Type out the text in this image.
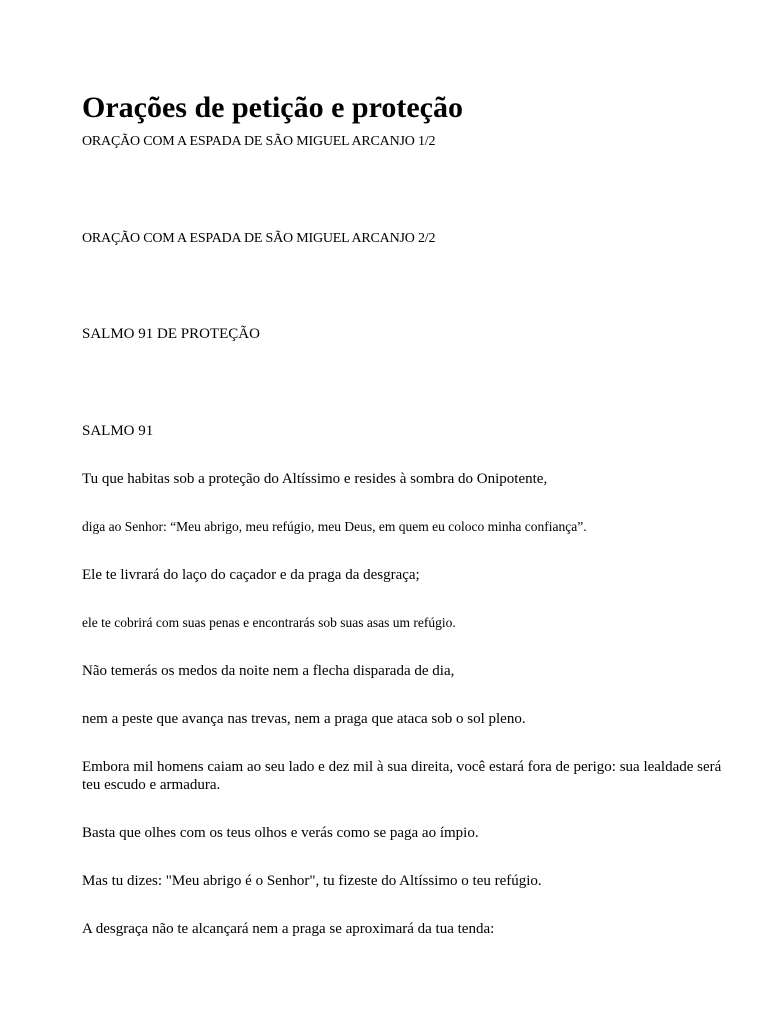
Orações de petição e proteção

ORAÇÃO COM A ESPADA DE SÃO MIGUEL ARCANJO 1/2

ORAÇÃO COM A ESPADA DE SÃO MIGUEL ARCANJO 2/2

SALMO 91 DE PROTEÇÃO

SALMO 91

Tu que habitas sob a proteção do Altíssimo e resides à sombra do Onipotente,

diga ao Senhor: “Meu abrigo, meu refúgio, meu Deus, em quem eu coloco minha confiança”.

Ele te livrará do laço do caçador e da praga da desgraça;

ele te cobrirá com suas penas e encontrarás sob suas asas um refúgio.

Não temerás os medos da noite nem a flecha disparada de dia,

nem a peste que avança nas trevas, nem a praga que ataca sob o sol pleno.

Embora mil homens caiam ao seu lado e dez mil à sua direita, você estará fora de perigo: sua lealdade será teu escudo e armadura.

Basta que olhes com os teus olhos e verás como se paga ao ímpio.

Mas tu dizes: "Meu abrigo é o Senhor", tu fizeste do Altíssimo o teu refúgio.

A desgraça não te alcançará nem a praga se aproximará da tua tenda:
